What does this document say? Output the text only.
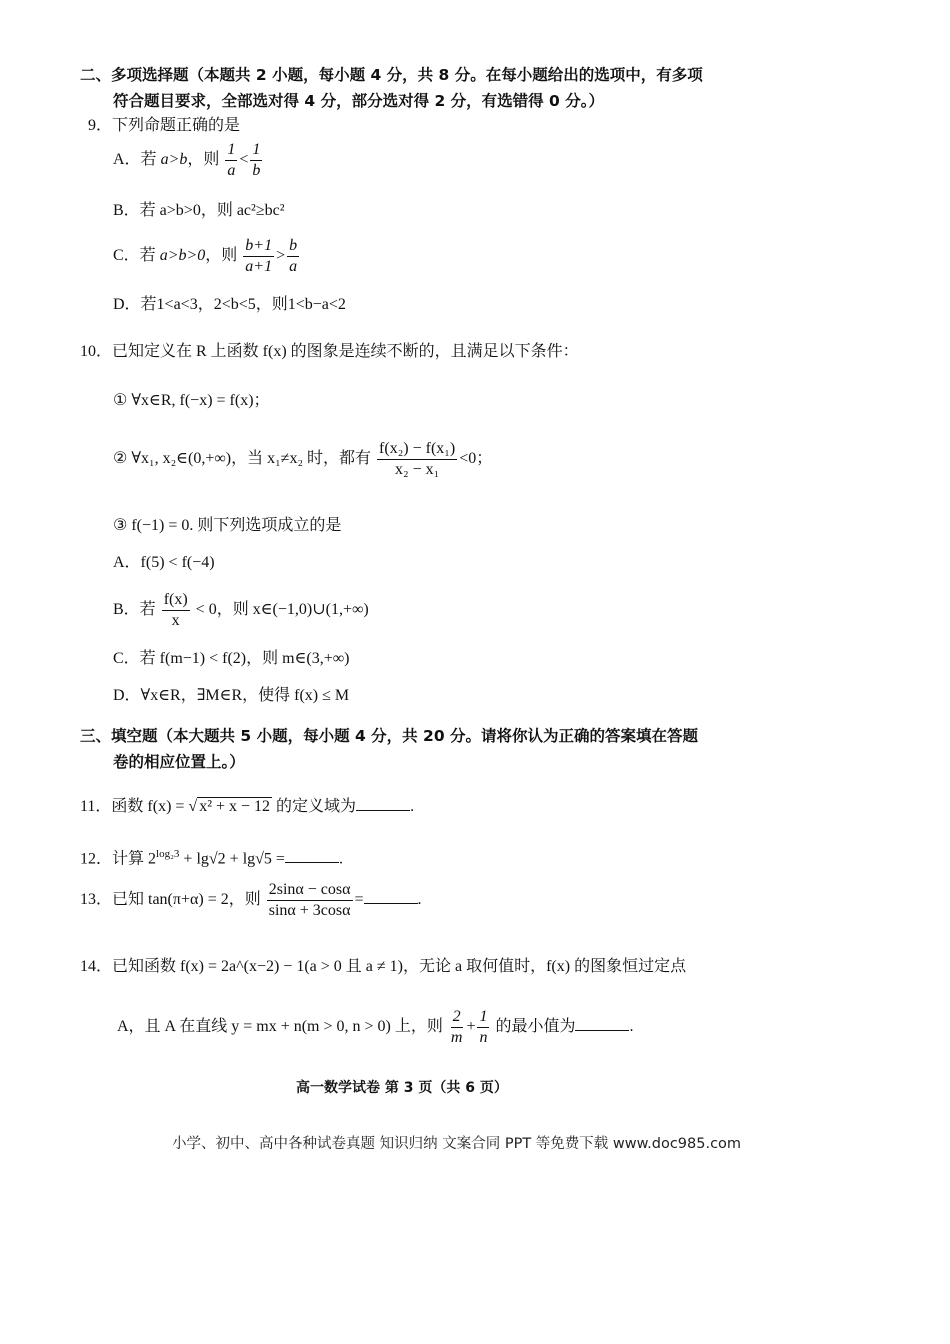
二、多项选择题（本题共 2 小题，每小题 4 分，共 8 分。在每小题给出的选项中，有多项
符合题目要求，全部选对得 4 分，部分选对得 2 分，有选错得 0 分。）
9．下列命题正确的是
A．若 a>b，则 $\frac{1}{a} < \frac{1}{b}$
B．若 a>b>0，则 ac²≥bc²
C．若 a>b>0，则 $\frac{b+1}{a+1} > \frac{b}{a}$
D．若1<a<3，2<b<5，则1<b−a<2
10．已知定义在 R 上函数 f(x) 的图象是连续不断的，且满足以下条件：
① ∀x∈R, f(−x) = f(x)；
② ∀x₁, x₂∈(0,+∞)，当 x₁≠x₂ 时，都有 $\frac{\text{f(x₂) − f(x₁)}}{\text{x₂ − x₁}} <0$；
③ f(−1) = 0. 则下列选项成立的是
A．f(5) < f(−4)
B．若 $\frac{f(x)}{x} < 0$，则 x∈(−1,0)∪(1,+∞)
C．若 f(m−1) < f(2)，则 m∈(3,+∞)
D．∀x∈R，∃M∈R，使得 f(x) ≤ M
三、填空题（本大题共 5 小题，每小题 4 分，共 20 分。请将你认为正确的答案填在答题
卷的相应位置上。）
11．函数 f(x) = √ x² + x − 12 的定义域为	.
12．计算 $2^{log_23} + \lg√2 + \lg√5$ =	.
13．已知 tan(π+α) = 2，则 $\frac{2\sin\alpha - \cos\alpha}{\sin\alpha + 3\cos\alpha}$ =	.
14．已知函数 f(x) = 2a^(x−2) − 1(a > 0 且 a ≠ 1)，无论 a 取何值时，f(x) 的图象恒过定点
A，且 A 在直线 y = mx + n(m > 0, n > 0) 上，则 $\frac{2}{m} + \frac{1}{n}$ 的最小值为	.
高一数学试卷 第 3 页（共 6 页）
小学、初中、高中各种试卷真题 知识归纳 文案合同 PPT 等免费下载 www.doc985.com
